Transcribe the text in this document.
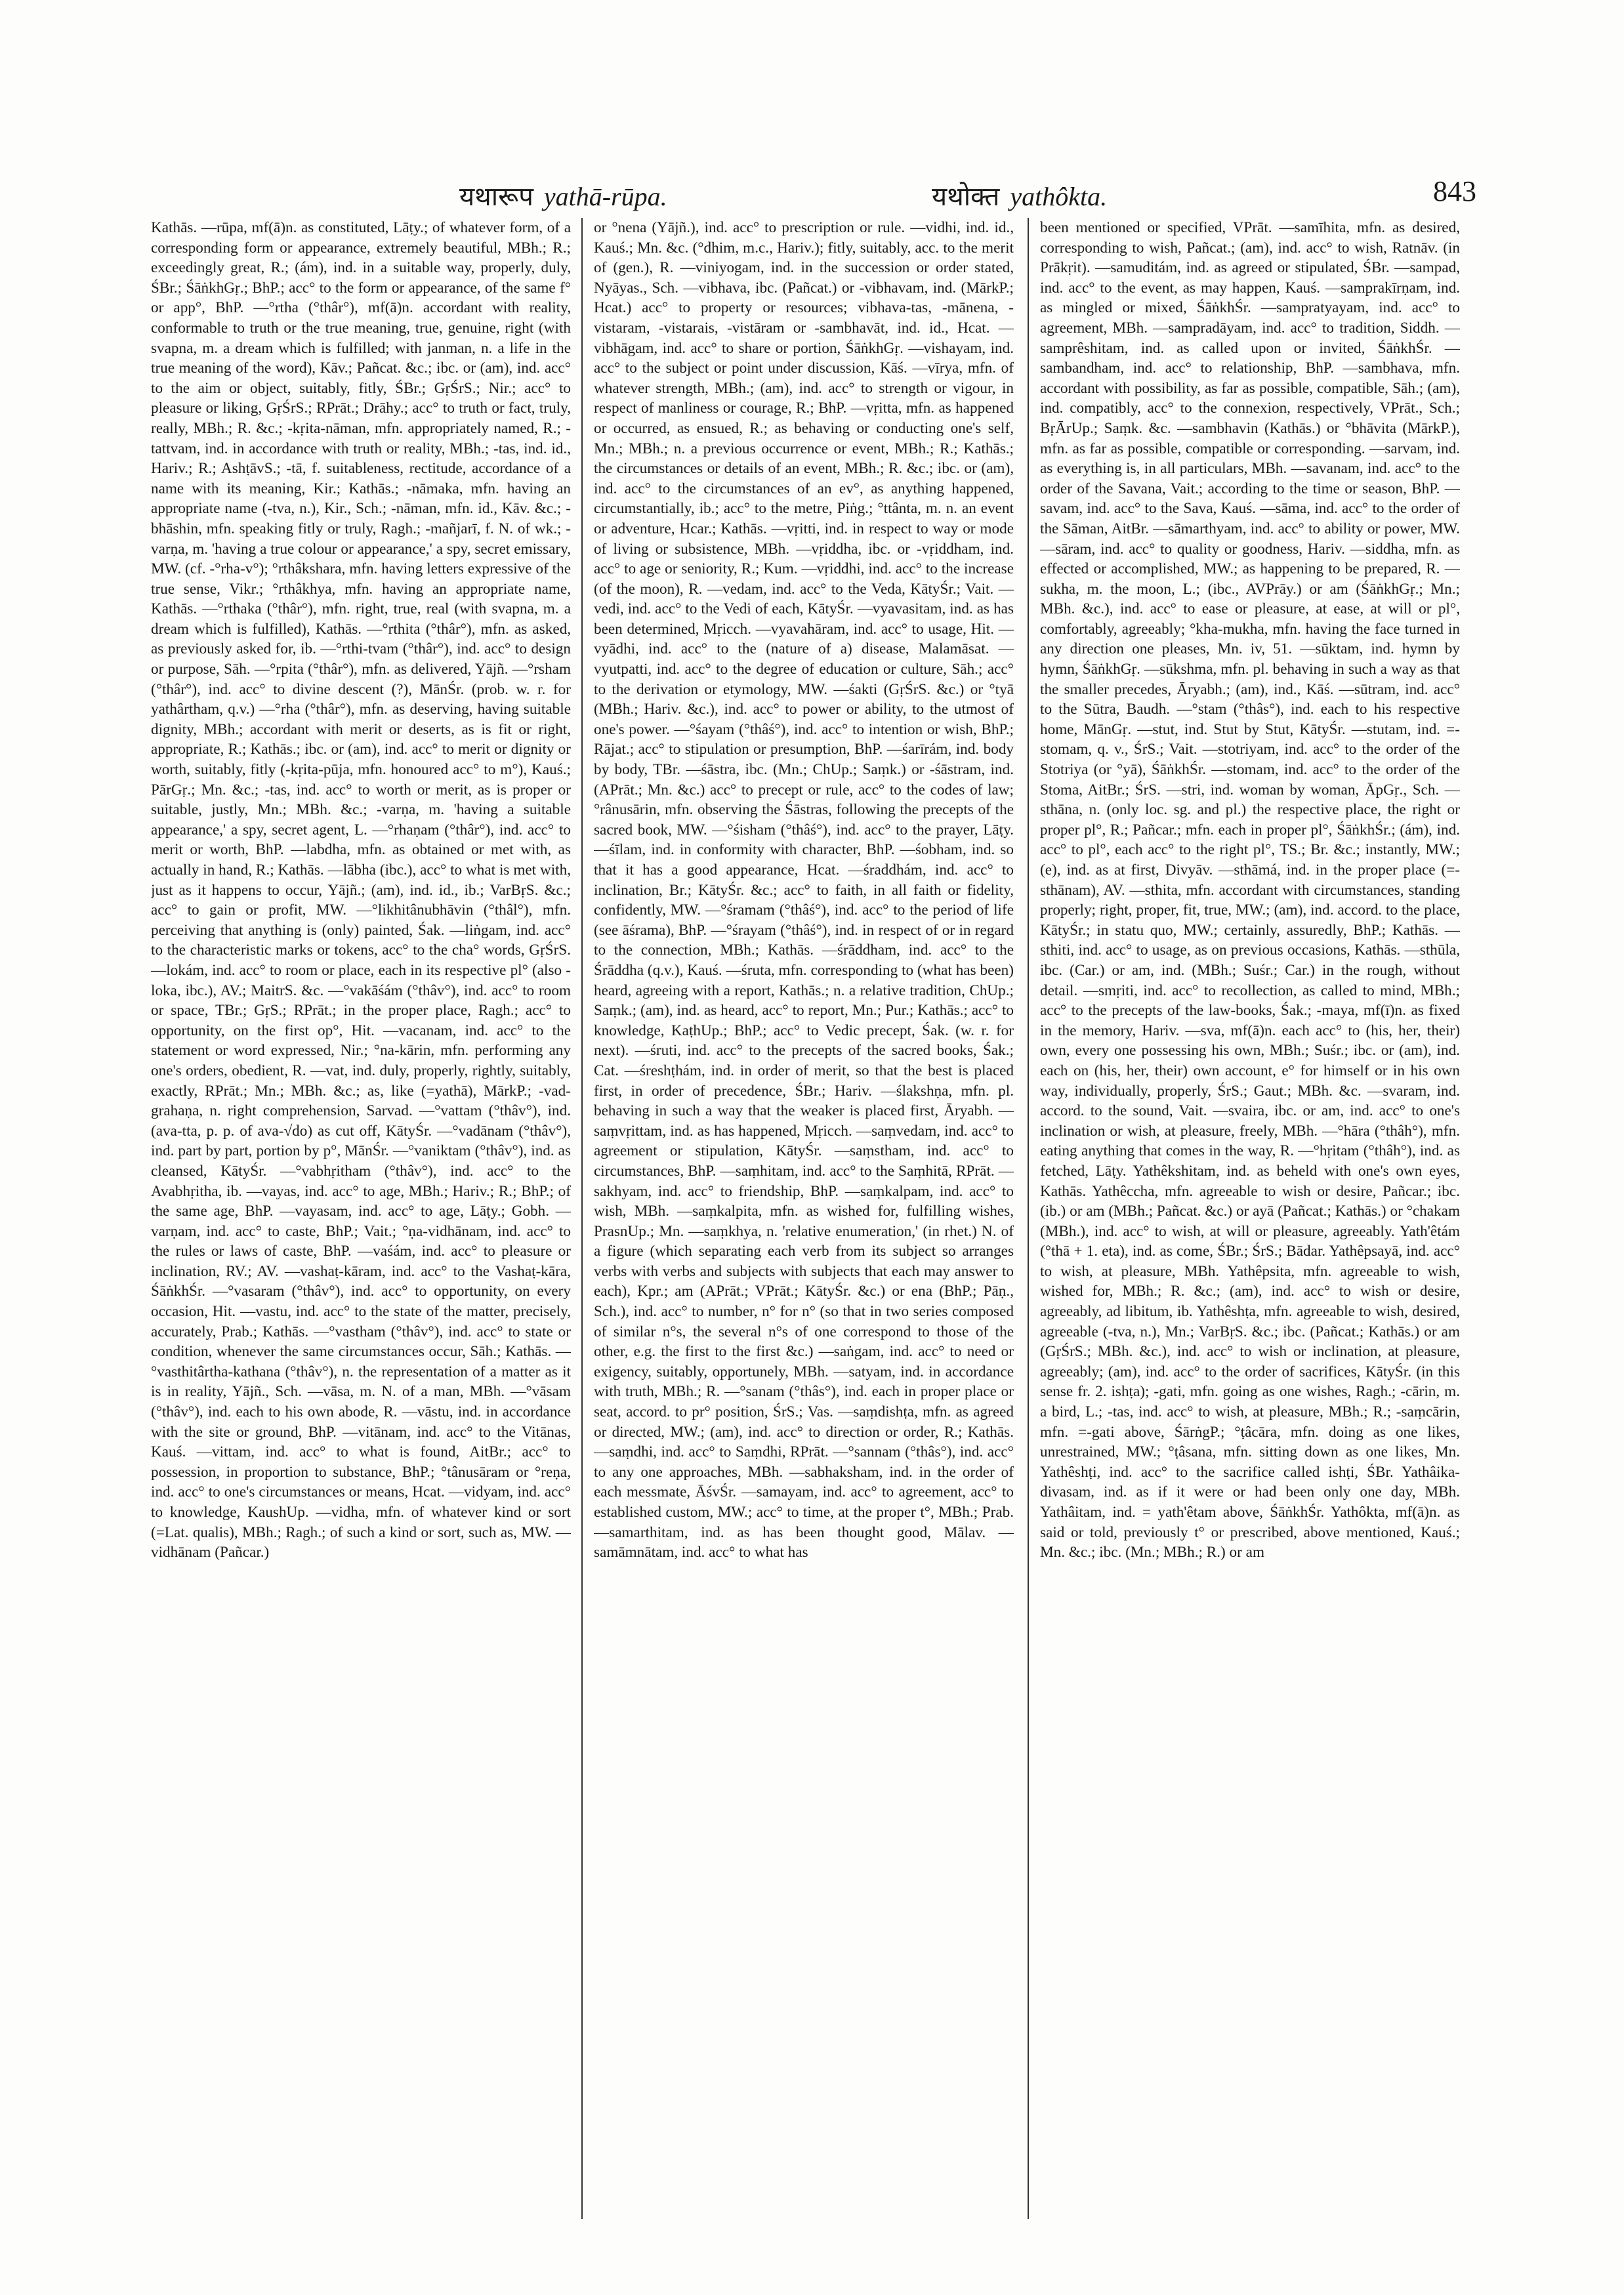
यथारूप yathā-rūpa.	यथोक्त yathôkta.	843

Kathās. —rūpa, mf(ā)n. as constituted, Lāṭy.; of whatever form, of a corresponding form or appearance, extremely beautiful, MBh.; R.; exceedingly great, R.; (ám), ind. in a suitable way, properly, duly, ŚBr.; ŚāṅkhGṛ.; BhP.; acc° to the form or appearance, of the same f° or app°, BhP. —°rtha (°thâr°), mf(ā)n. accordant with reality, conformable to truth or the true meaning, true, genuine, right (with svapna, m. a dream which is fulfilled; with janman, n. a life in the true meaning of the word), Kāv.; Pañcat. &c.; ibc. or (am), ind. acc° to the aim or object, suitably, fitly, ŚBr.; GṛŚrS.; Nir.; acc° to pleasure or liking, GṛŚrS.; RPrāt.; Drāhy.; acc° to truth or fact, truly, really, MBh.; R. &c.; -kṛita-nāman, mfn. appropriately named, R.; -tattvam, ind. in accordance with truth or reality, MBh.; -tas, ind. id., Hariv.; R.; AshṭāvS.; -tā, f. suitableness, rectitude, accordance of a name with its meaning, Kir.; Kathās.; -nāmaka, mfn. having an appropriate name (-tva, n.), Kir., Sch.; -nāman, mfn. id., Kāv. &c.; -bhāshin, mfn. speaking fitly or truly, Ragh.; -mañjarī, f. N. of wk.; -varṇa, m. 'having a true colour or appearance,' a spy, secret emissary, MW. (cf. -°rha-v°); °rthâkshara, mfn. having letters expressive of the true sense, Vikr.; °rthâkhya, mfn. having an appropriate name, Kathās. —°rthaka (°thâr°), mfn. right, true, real (with svapna, m. a dream which is fulfilled), Kathās. —°rthita (°thâr°), mfn. as asked, as previously asked for, ib. —°rthi-tvam (°thâr°), ind. acc° to design or purpose, Sāh. —°rpita (°thâr°), mfn. as delivered, Yājñ. —°rsham (°thâr°), ind. acc° to divine descent (?), MānŚr. (prob. w. r. for yathârtham, q.v.) —°rha (°thâr°), mfn. as deserving, having suitable dignity, MBh.; accordant with merit or deserts, as is fit or right, appropriate, R.; Kathās.; ibc. or (am), ind. acc° to merit or dignity or worth, suitably, fitly (-kṛita-pūja, mfn. honoured acc° to m°), Kauś.; PārGṛ.; Mn. &c.; -tas, ind. acc° to worth or merit, as is proper or suitable, justly, Mn.; MBh. &c.; -varṇa, m. 'having a suitable appearance,' a spy, secret agent, L. —°rhaṇam (°thâr°), ind. acc° to merit or worth, BhP. —labdha, mfn. as obtained or met with, as actually in hand, R.; Kathās. —lābha (ibc.), acc° to what is met with, just as it happens to occur, Yājñ.; (am), ind. id., ib.; VarBṛS. &c.; acc° to gain or profit, MW. —°likhitânubhāvin (°thâl°), mfn. perceiving that anything is (only) painted, Śak. —liṅgam, ind. acc° to the characteristic marks or tokens, acc° to the cha° words, GṛŚrS. —lokám, ind. acc° to room or place, each in its respective pl° (also -loka, ibc.), AV.; MaitrS. &c. —°vakāśám (°thâv°), ind. acc° to room or space, TBr.; GṛS.; RPrāt.; in the proper place, Ragh.; acc° to opportunity, on the first op°, Hit. —vacanam, ind. acc° to the statement or word expressed, Nir.; °na-kārin, mfn. performing any one's orders, obedient, R. —vat, ind. duly, properly, rightly, suitably, exactly, RPrāt.; Mn.; MBh. &c.; as, like (=yathā), MārkP.; -vad-grahaṇa, n. right comprehension, Sarvad. —°vattam (°thâv°), ind. (ava-tta, p. p. of ava-√do) as cut off, KātyŚr. —°vadānam (°thâv°), ind. part by part, portion by p°, MānŚr. —°vaniktam (°thâv°), ind. as cleansed, KātyŚr. —°vabhṛitham (°thâv°), ind. acc° to the Avabhṛitha, ib. —vayas, ind. acc° to age, MBh.; Hariv.; R.; BhP.; of the same age, BhP. —vayasam, ind. acc° to age, Lāṭy.; Gobh. —varṇam, ind. acc° to caste, BhP.; Vait.; °ṇa-vidhānam, ind. acc° to the rules or laws of caste, BhP. —vaśám, ind. acc° to pleasure or inclination, RV.; AV. —vashaṭ-kāram, ind. acc° to the Vashaṭ-kāra, ŚāṅkhŚr. —°vasaram (°thâv°), ind. acc° to opportunity, on every occasion, Hit. —vastu, ind. acc° to the state of the matter, precisely, accurately, Prab.; Kathās. —°vastham (°thâv°), ind. acc° to state or condition, whenever the same circumstances occur, Sāh.; Kathās. —°vasthitârtha-kathana (°thâv°), n. the representation of a matter as it is in reality, Yājñ., Sch. —vāsa, m. N. of a man, MBh. —°vāsam (°thâv°), ind. each to his own abode, R. —vāstu, ind. in accordance with the site or ground, BhP. —vitānam, ind. acc° to the Vitānas, Kauś. —vittam, ind. acc° to what is found, AitBr.; acc° to possession, in proportion to substance, BhP.; °tânusāram or °reṇa, ind. acc° to one's circumstances or means, Hcat. —vidyam, ind. acc° to knowledge, KaushUp. —vidha, mfn. of whatever kind or sort (=Lat. qualis), MBh.; Ragh.; of such a kind or sort, such as, MW. —vidhānam (Pañcar.)

or °nena (Yājñ.), ind. acc° to prescription or rule. —vidhi, ind. id., Kauś.; Mn. &c. (°dhim, m.c., Hariv.); fitly, suitably, acc. to the merit of (gen.), R. —viniyogam, ind. in the succession or order stated, Nyāyas., Sch. —vibhava, ibc. (Pañcat.) or -vibhavam, ind. (MārkP.; Hcat.) acc° to property or resources; vibhava-tas, -mānena, -vistaram, -vistarais, -vistāram or -sambhavāt, ind. id., Hcat. —vibhāgam, ind. acc° to share or portion, ŚāṅkhGṛ. —vishayam, ind. acc° to the subject or point under discussion, Kāś. —vīrya, mfn. of whatever strength, MBh.; (am), ind. acc° to strength or vigour, in respect of manliness or courage, R.; BhP. —vṛitta, mfn. as happened or occurred, as ensued, R.; as behaving or conducting one's self, Mn.; MBh.; n. a previous occurrence or event, MBh.; R.; Kathās.; the circumstances or details of an event, MBh.; R. &c.; ibc. or (am), ind. acc° to the circumstances of an ev°, as anything happened, circumstantially, ib.; acc° to the metre, Piṅg.; °ttânta, m. n. an event or adventure, Hcar.; Kathās. —vṛitti, ind. in respect to way or mode of living or subsistence, MBh. —vṛiddha, ibc. or -vṛiddham, ind. acc° to age or seniority, R.; Kum. —vṛiddhi, ind. acc° to the increase (of the moon), R. —vedam, ind. acc° to the Veda, KātyŚr.; Vait. —vedi, ind. acc° to the Vedi of each, KātyŚr. —vyavasitam, ind. as has been determined, Mṛicch. —vyavahāram, ind. acc° to usage, Hit. —vyādhi, ind. acc° to the (nature of a) disease, Malamāsat. —vyutpatti, ind. acc° to the degree of education or culture, Sāh.; acc° to the derivation or etymology, MW. —śakti (GṛŚrS. &c.) or °tyā (MBh.; Hariv. &c.), ind. acc° to power or ability, to the utmost of one's power. —°śayam (°thâś°), ind. acc° to intention or wish, BhP.; Rājat.; acc° to stipulation or presumption, BhP. —śarīrám, ind. body by body, TBr. —śāstra, ibc. (Mn.; ChUp.; Saṃk.) or -śāstram, ind. (APrāt.; Mn. &c.) acc° to precept or rule, acc° to the codes of law; °rânusārin, mfn. observing the Śāstras, following the precepts of the sacred book, MW. —°śisham (°thâś°), ind. acc° to the prayer, Lāṭy. —śīlam, ind. in conformity with character, BhP. —śobham, ind. so that it has a good appearance, Hcat. —śraddhám, ind. acc° to inclination, Br.; KātyŚr. &c.; acc° to faith, in all faith or fidelity, confidently, MW. —°śramam (°thâś°), ind. acc° to the period of life (see āśrama), BhP. —°śrayam (°thâś°), ind. in respect of or in regard to the connection, MBh.; Kathās. —śrāddham, ind. acc° to the Śrāddha (q.v.), Kauś. —śruta, mfn. corresponding to (what has been) heard, agreeing with a report, Kathās.; n. a relative tradition, ChUp.; Saṃk.; (am), ind. as heard, acc° to report, Mn.; Pur.; Kathās.; acc° to knowledge, KaṭhUp.; BhP.; acc° to Vedic precept, Śak. (w. r. for next). —śruti, ind. acc° to the precepts of the sacred books, Śak.; Cat. —śreshṭhám, ind. in order of merit, so that the best is placed first, in order of precedence, ŚBr.; Hariv. —ślakshṇa, mfn. pl. behaving in such a way that the weaker is placed first, Āryabh. —saṃvṛittam, ind. as has happened, Mṛicch. —saṃvedam, ind. acc° to agreement or stipulation, KātyŚr. —saṃstham, ind. acc° to circumstances, BhP. —saṃhitam, ind. acc° to the Saṃhitā, RPrāt. —sakhyam, ind. acc° to friendship, BhP. —saṃkalpam, ind. acc° to wish, MBh. —saṃkalpita, mfn. as wished for, fulfilling wishes, PrasnUp.; Mn. —saṃkhya, n. 'relative enumeration,' (in rhet.) N. of a figure (which separating each verb from its subject so arranges verbs with verbs and subjects with subjects that each may answer to each), Kpr.; am (APrāt.; VPrāt.; KātyŚr. &c.) or ena (BhP.; Pāṇ., Sch.), ind. acc° to number, n° for n° (so that in two series composed of similar n°s, the several n°s of one correspond to those of the other, e.g. the first to the first &c.) —saṅgam, ind. acc° to need or exigency, suitably, opportunely, MBh. —satyam, ind. in accordance with truth, MBh.; R. —°sanam (°thâs°), ind. each in proper place or seat, accord. to pr° position, ŚrS.; Vas. —saṃdishṭa, mfn. as agreed or directed, MW.; (am), ind. acc° to direction or order, R.; Kathās. —saṃdhi, ind. acc° to Saṃdhi, RPrāt. —°sannam (°thâs°), ind. acc° to any one approaches, MBh. —sabhaksham, ind. in the order of each messmate, ĀśvŚr. —samayam, ind. acc° to agreement, acc° to established custom, MW.; acc° to time, at the proper t°, MBh.; Prab. —samarthitam, ind. as has been thought good, Mālav. —samāmnātam, ind. acc° to what has

been mentioned or specified, VPrāt. —samīhita, mfn. as desired, corresponding to wish, Pañcat.; (am), ind. acc° to wish, Ratnāv. (in Prākṛit). —samuditám, ind. as agreed or stipulated, ŚBr. —sampad, ind. acc° to the event, as may happen, Kauś. —samprakīrṇam, ind. as mingled or mixed, ŚāṅkhŚr. —sampratyayam, ind. acc° to agreement, MBh. —sampradāyam, ind. acc° to tradition, Siddh. —samprêshitam, ind. as called upon or invited, ŚāṅkhŚr. —sambandham, ind. acc° to relationship, BhP. —sambhava, mfn. accordant with possibility, as far as possible, compatible, Sāh.; (am), ind. compatibly, acc° to the connexion, respectively, VPrāt., Sch.; BṛĀrUp.; Saṃk. &c. —sambhavin (Kathās.) or °bhāvita (MārkP.), mfn. as far as possible, compatible or corresponding. —sarvam, ind. as everything is, in all particulars, MBh. —savanam, ind. acc° to the order of the Savana, Vait.; according to the time or season, BhP. —savam, ind. acc° to the Sava, Kauś. —sāma, ind. acc° to the order of the Sāman, AitBr. —sāmarthyam, ind. acc° to ability or power, MW. —sāram, ind. acc° to quality or goodness, Hariv. —siddha, mfn. as effected or accomplished, MW.; as happening to be prepared, R. —sukha, m. the moon, L.; (ibc., AVPrāy.) or am (ŚāṅkhGṛ.; Mn.; MBh. &c.), ind. acc° to ease or pleasure, at ease, at will or pl°, comfortably, agreeably; °kha-mukha, mfn. having the face turned in any direction one pleases, Mn. iv, 51. —sūktam, ind. hymn by hymn, ŚāṅkhGṛ. —sūkshma, mfn. pl. behaving in such a way as that the smaller precedes, Āryabh.; (am), ind., Kāś. —sūtram, ind. acc° to the Sūtra, Baudh. —°stam (°thâs°), ind. each to his respective home, MānGṛ. —stut, ind. Stut by Stut, KātyŚr. —stutam, ind. =-stomam, q. v., ŚrS.; Vait. —stotriyam, ind. acc° to the order of the Stotriya (or °yā), ŚāṅkhŚr. —stomam, ind. acc° to the order of the Stoma, AitBr.; ŚrS. —stri, ind. woman by woman, ĀpGṛ., Sch. —sthāna, n. (only loc. sg. and pl.) the respective place, the right or proper pl°, R.; Pañcar.; mfn. each in proper pl°, ŚāṅkhŚr.; (ám), ind. acc° to pl°, each acc° to the right pl°, TS.; Br. &c.; instantly, MW.; (e), ind. as at first, Divyāv. —sthāmá, ind. in the proper place (=-sthānam), AV. —sthita, mfn. accordant with circumstances, standing properly; right, proper, fit, true, MW.; (am), ind. accord. to the place, KātyŚr.; in statu quo, MW.; certainly, assuredly, BhP.; Kathās. —sthiti, ind. acc° to usage, as on previous occasions, Kathās. —sthūla, ibc. (Car.) or am, ind. (MBh.; Suśr.; Car.) in the rough, without detail. —smṛiti, ind. acc° to recollection, as called to mind, MBh.; acc° to the precepts of the law-books, Śak.; -maya, mf(ī)n. as fixed in the memory, Hariv. —sva, mf(ā)n. each acc° to (his, her, their) own, every one possessing his own, MBh.; Suśr.; ibc. or (am), ind. each on (his, her, their) own account, e° for himself or in his own way, individually, properly, ŚrS.; Gaut.; MBh. &c. —svaram, ind. accord. to the sound, Vait. —svaira, ibc. or am, ind. acc° to one's inclination or wish, at pleasure, freely, MBh. —°hāra (°thâh°), mfn. eating anything that comes in the way, R. —°hṛitam (°thâh°), ind. as fetched, Lāṭy. Yathêkshitam, ind. as beheld with one's own eyes, Kathās. Yathêccha, mfn. agreeable to wish or desire, Pañcar.; ibc. (ib.) or am (MBh.; Pañcat. &c.) or ayā (Pañcat.; Kathās.) or °chakam (MBh.), ind. acc° to wish, at will or pleasure, agreeably. Yath'êtám (°thā + 1. eta), ind. as come, ŚBr.; ŚrS.; Bādar. Yathêpsayā, ind. acc° to wish, at pleasure, MBh. Yathêpsita, mfn. agreeable to wish, wished for, MBh.; R. &c.; (am), ind. acc° to wish or desire, agreeably, ad libitum, ib. Yathêshṭa, mfn. agreeable to wish, desired, agreeable (-tva, n.), Mn.; VarBṛS. &c.; ibc. (Pañcat.; Kathās.) or am (GṛŚrS.; MBh. &c.), ind. acc° to wish or inclination, at pleasure, agreeably; (am), ind. acc° to the order of sacrifices, KātyŚr. (in this sense fr. 2. ishṭa); -gati, mfn. going as one wishes, Ragh.; -cārin, m. a bird, L.; -tas, ind. acc° to wish, at pleasure, MBh.; R.; -saṃcārin, mfn. =-gati above, ŚārṅgP.; °ṭâcāra, mfn. doing as one likes, unrestrained, MW.; °ṭâsana, mfn. sitting down as one likes, Mn. Yathêshṭi, ind. acc° to the sacrifice called ishṭi, ŚBr. Yathâika-divasam, ind. as if it were or had been only one day, MBh. Yathâitam, ind. = yath'êtam above, ŚāṅkhŚr. Yathôkta, mf(ā)n. as said or told, previously t° or prescribed, above mentioned, Kauś.; Mn. &c.; ibc. (Mn.; MBh.; R.) or am
